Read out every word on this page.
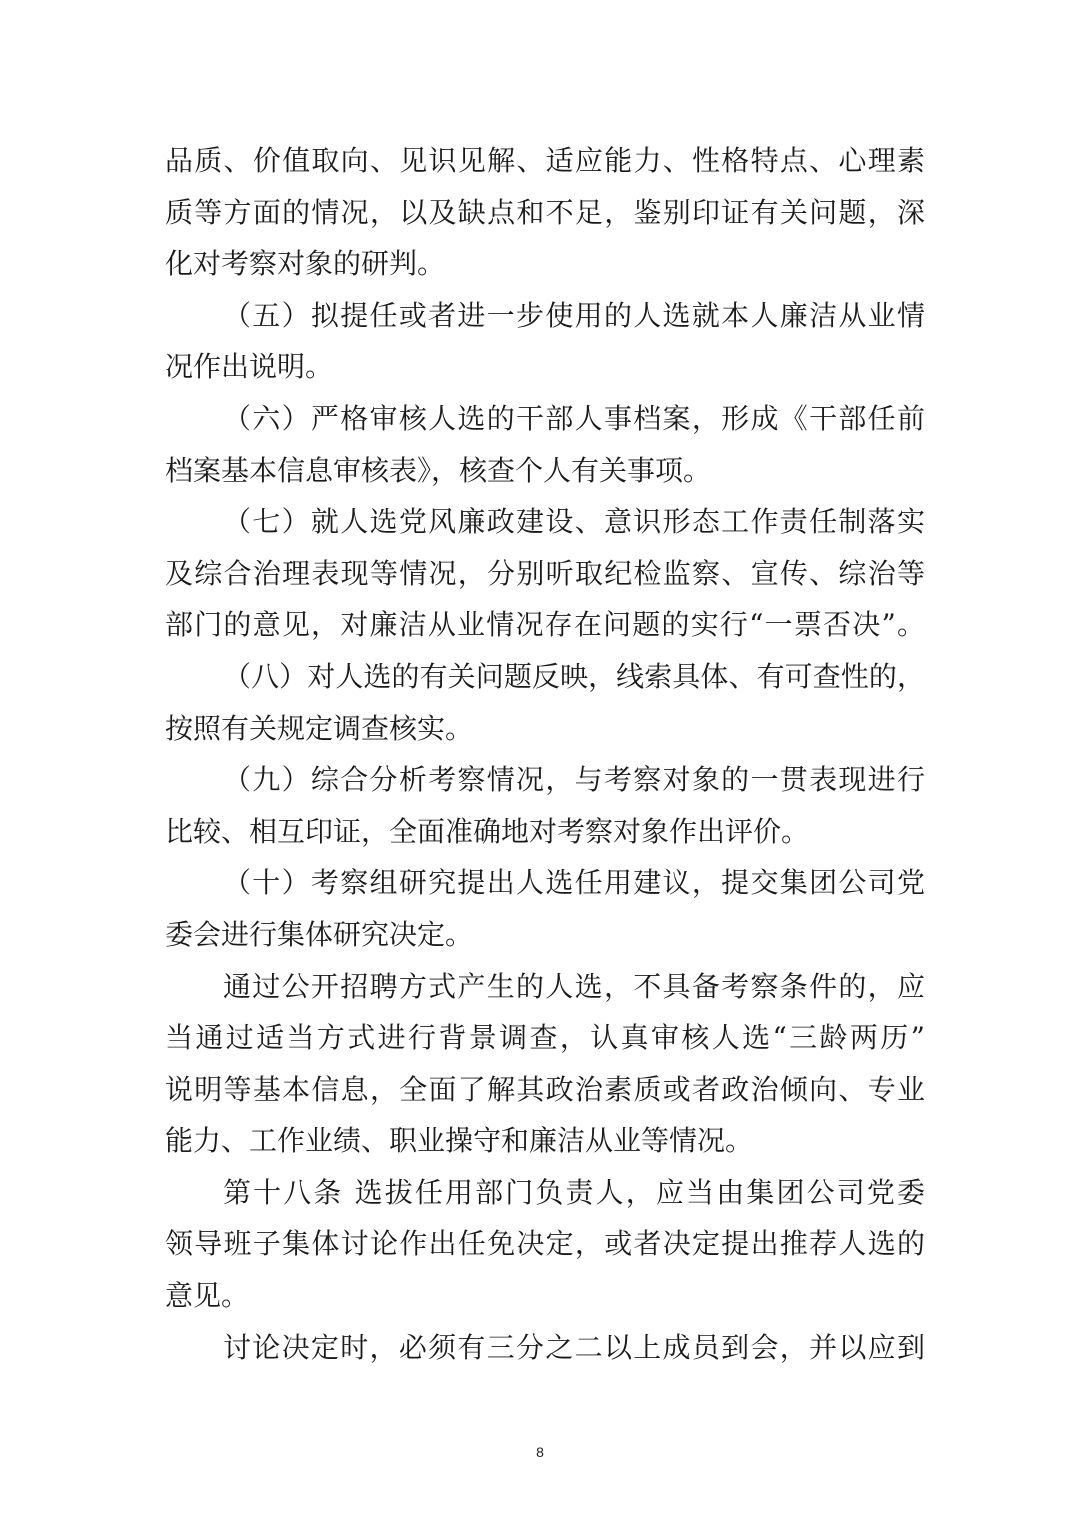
品质、价值取向、见识见解、适应能力、性格特点、心理素
质等方面的情况，以及缺点和不足，鉴别印证有关问题，深
化对考察对象的研判。
（五）拟提任或者进一步使用的人选就本人廉洁从业情
况作出说明。
（六）严格审核人选的干部人事档案，形成《干部任前
档案基本信息审核表》，核查个人有关事项。
（七）就人选党风廉政建设、意识形态工作责任制落实
及综合治理表现等情况，分别听取纪检监察、宣传、综治等
部门的意见，对廉洁从业情况存在问题的实行“一票否决”。
（八）对人选的有关问题反映，线索具体、有可查性的，
按照有关规定调查核实。
（九）综合分析考察情况，与考察对象的一贯表现进行
比较、相互印证，全面准确地对考察对象作出评价。
（十）考察组研究提出人选任用建议，提交集团公司党
委会进行集体研究决定。
通过公开招聘方式产生的人选，不具备考察条件的，应
当通过适当方式进行背景调查，认真审核人选“三龄两历”
说明等基本信息，全面了解其政治素质或者政治倾向、专业
能力、工作业绩、职业操守和廉洁从业等情况。
第十八条 选拔任用部门负责人，应当由集团公司党委
领导班子集体讨论作出任免决定，或者决定提出推荐人选的
意见。
讨论决定时，必须有三分之二以上成员到会，并以应到
8
